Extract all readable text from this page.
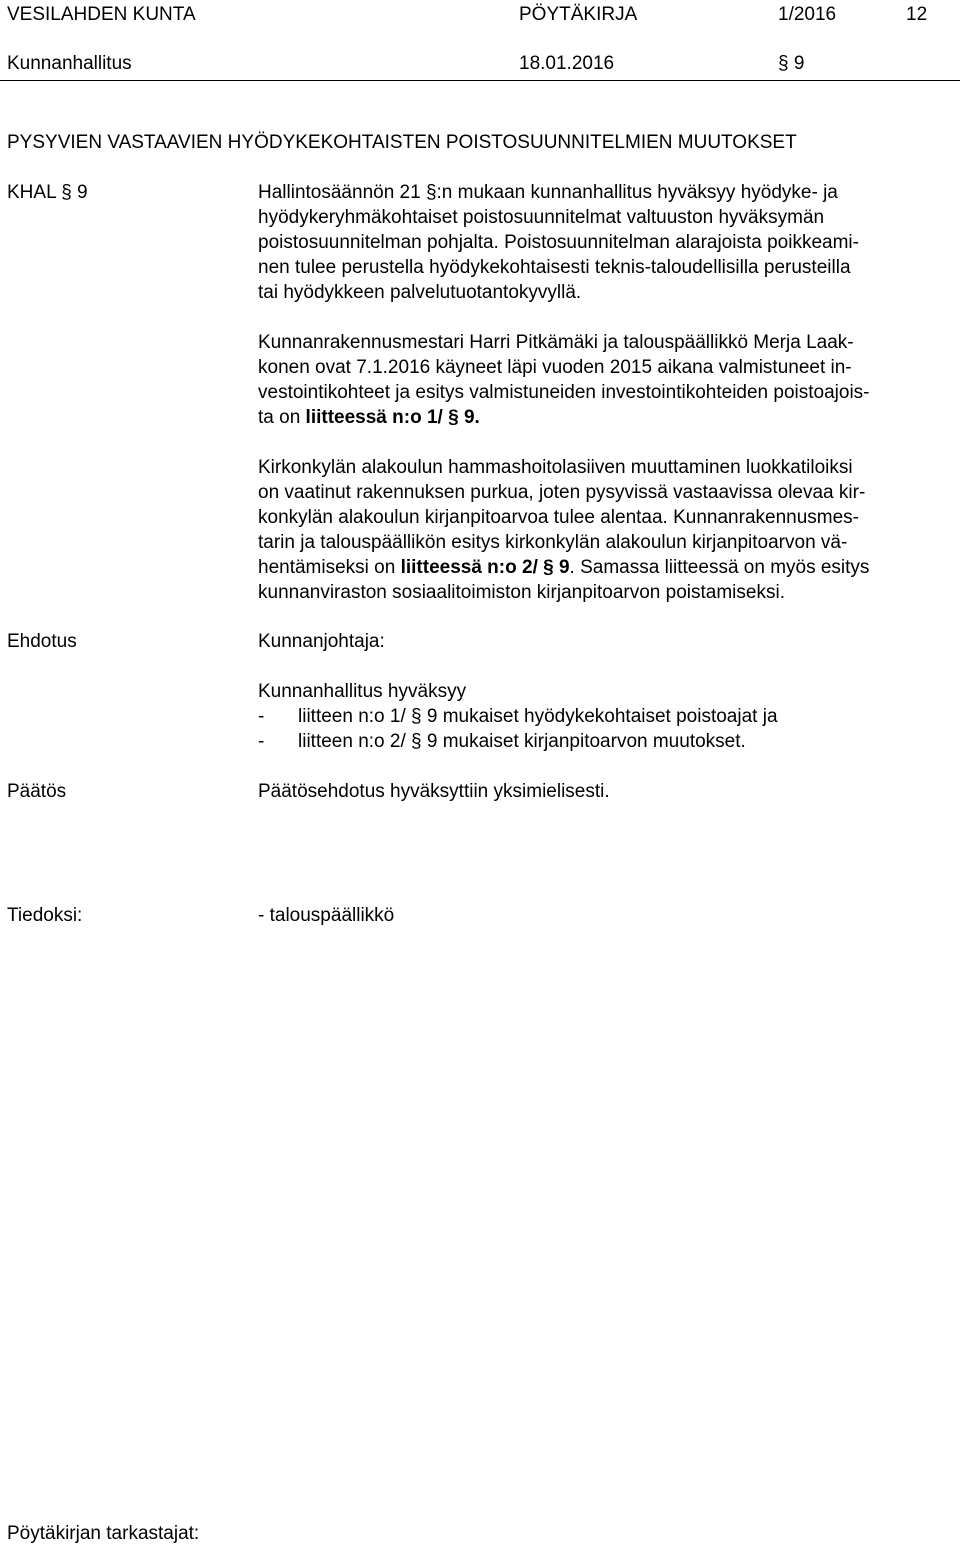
VESILAHDEN KUNTA	PÖYTÄKIRJA	1/2016	12
Kunnanhallitus	18.01.2016	§ 9
PYSYVIEN VASTAAVIEN HYÖDYKEKOHTAISTEN POISTOSUUNNITELMIEN MUUTOKSET
KHAL § 9	Hallintosäännön 21 §:n mukaan kunnanhallitus hyväksyy hyödyke- ja
hyödykeryhmäkohtaiset poistosuunnitelmat valtuuston hyväksymän
poistosuunnitelman pohjalta. Poistosuunnitelman alarajoista poikkeami-
nen tulee perustella hyödykekohtaisesti teknis-taloudellisilla perusteilla
tai hyödykkeen palvelutuotantokyvyllä.
Kunnanrakennusmestari Harri Pitkämäki ja talouspäällikkö Merja Laak-
konen ovat 7.1.2016 käyneet läpi vuoden 2015 aikana valmistuneet in-
vestointikohteet ja esitys valmistuneiden investointikohteiden poistoajois-
ta on liitteessä n:o 1/ § 9.
Kirkonkylän alakoulun hammashoitolasiiven muuttaminen luokkatiloiksi
on vaatinut rakennuksen purkua, joten pysyvissä vastaavissa olevaa kir-
konkylän alakoulun kirjanpitoarvoa tulee alentaa. Kunnanrakennusmes-
tarin ja talouspäällikön esitys kirkonkylän alakoulun kirjanpitoarvon vä-
hentämiseksi on liitteessä n:o 2/ § 9. Samassa liitteessä on myös esitys
kunnanviraston sosiaalitoimiston kirjanpitoarvon poistamiseksi.
Ehdotus	Kunnanjohtaja:
Kunnanhallitus hyväksyy
- liitteen n:o 1/ § 9 mukaiset hyödykekohtaiset poistoajat ja
- liitteen n:o 2/ § 9 mukaiset kirjanpitoarvon muutokset.
Päätös	Päätösehdotus hyväksyttiin yksimielisesti.
Tiedoksi:	- talouspäällikkö
Pöytäkirjan tarkastajat:
